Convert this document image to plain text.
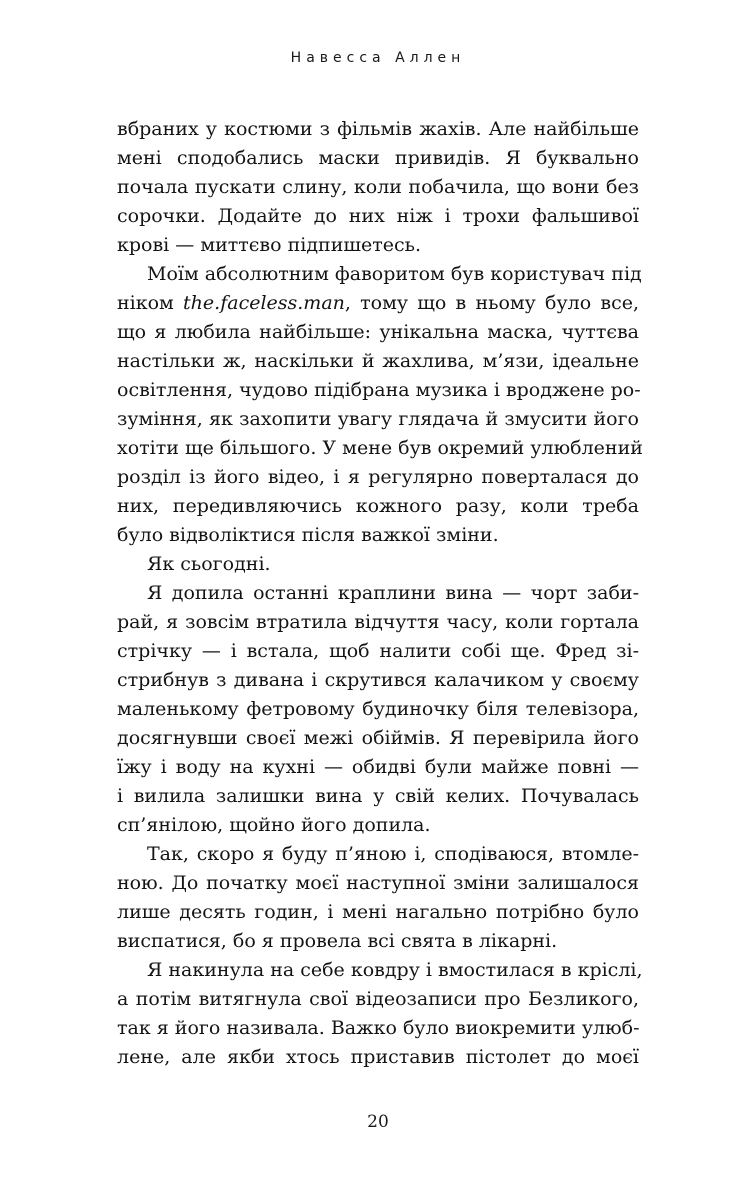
Навесса Аллен
вбраних у костюми з фільмів жахів. Але найбільше
мені сподобались маски привидів. Я буквально
почала пускати слину, коли побачила, що вони без
сорочки. Додайте до них ніж і трохи фальшивої
крові — миттєво підпишетесь.
Моїм абсолютним фаворитом був користувач під
ніком the.faceless.man, тому що в ньому було все,
що я любила найбільше: унікальна маска, чуттєва
настільки ж, наскільки й жахлива, м’язи, ідеальне
освітлення, чудово підібрана музика і вроджене ро-
зуміння, як захопити увагу глядача й змусити його
хотіти ще більшого. У мене був окремий улюблений
розділ із його відео, і я регулярно поверталася до
них, передивляючись кожного разу, коли треба
було відволіктися після важкої зміни.
Як сьогодні.
Я допила останні краплини вина — чорт заби-
рай, я зовсім втратила відчуття часу, коли гортала
стрічку — і встала, щоб налити собі ще. Фред зі-
стрибнув з дивана і скрутився калачиком у своєму
маленькому фетровому будиночку біля телевізора,
досягнувши своєї межі обіймів. Я перевірила його
їжу і воду на кухні — обидві були майже повні —
і вилила залишки вина у свій келих. Почувалась
сп’янілою, щойно його допила.
Так, скоро я буду п’яною і, сподіваюся, втомле-
ною. До початку моєї наступної зміни залишалося
лише десять годин, і мені нагально потрібно було
виспатися, бо я провела всі свята в лікарні.
Я накинула на себе ковдру і вмостилася в кріслі,
а потім витягнула свої відеозаписи про Безликого,
так я його називала. Важко було виокремити улюб-
лене, але якби хтось приставив пістолет до моєї
20
